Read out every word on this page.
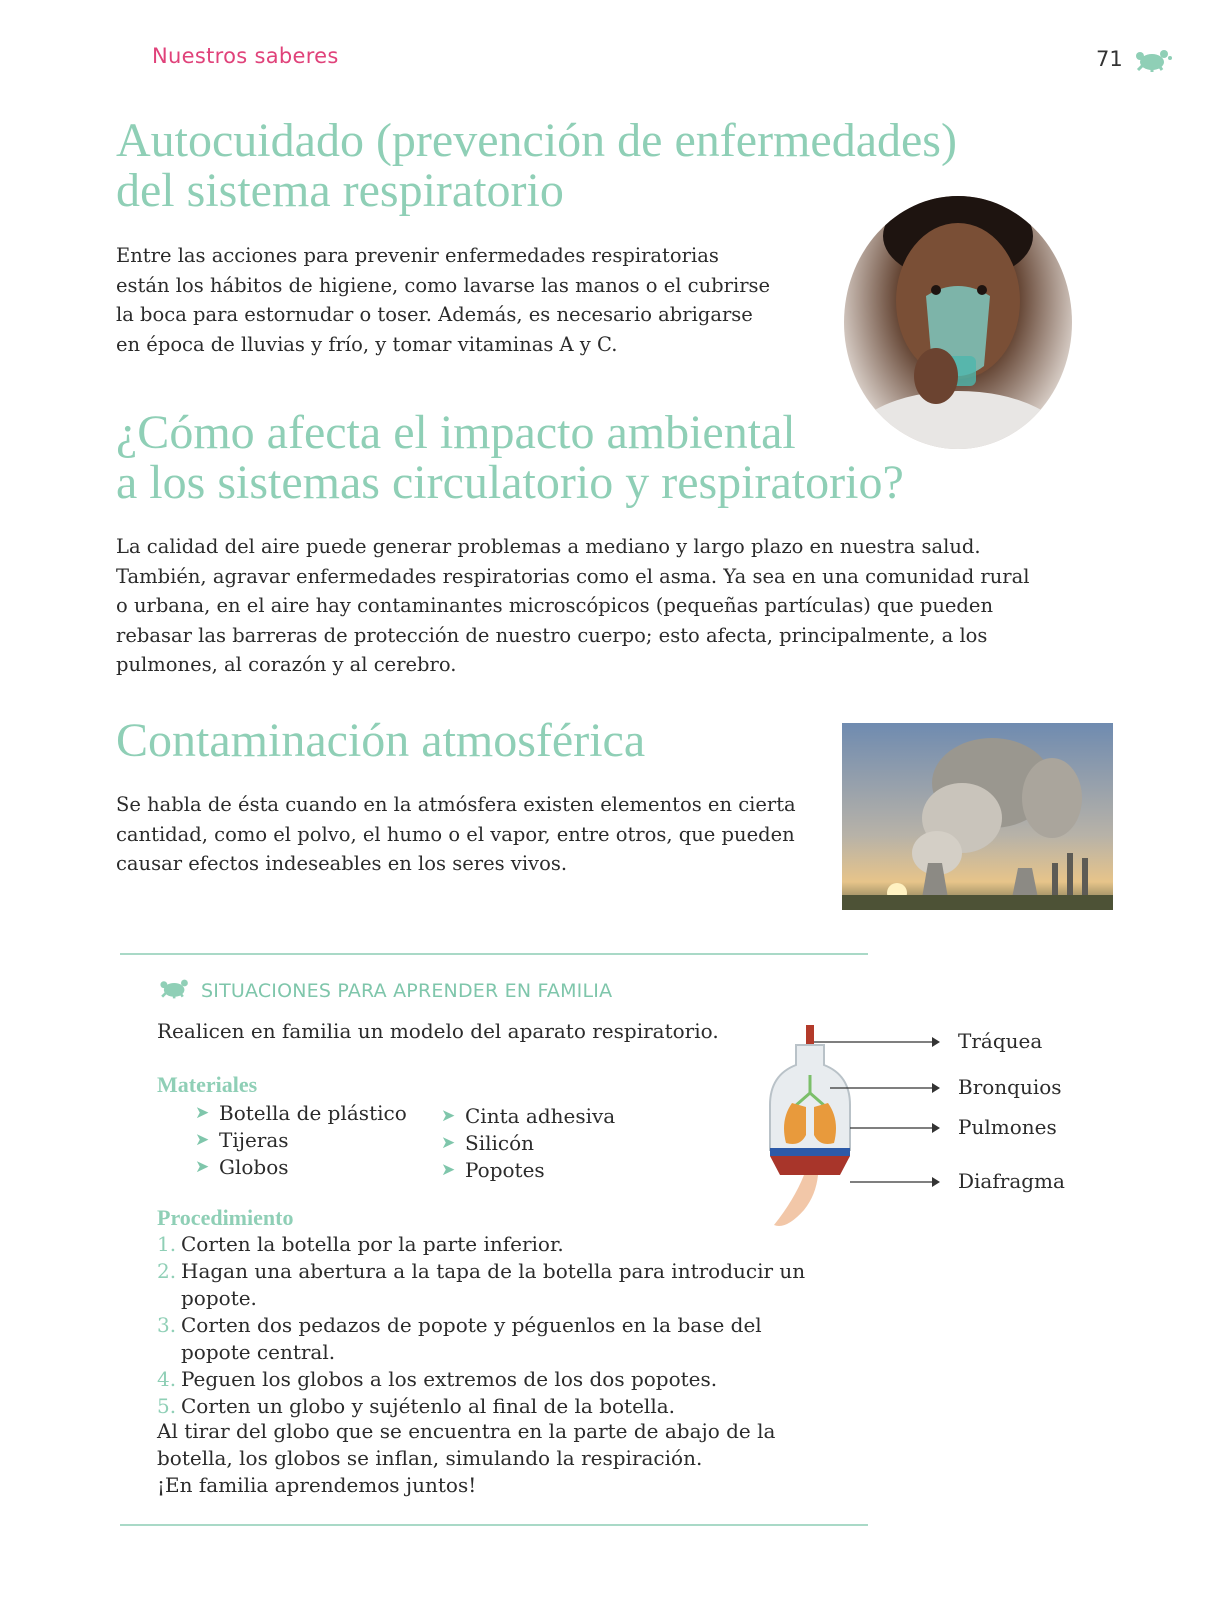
Nuestros saberes	71
Autocuidado (prevención de enfermedades)
del sistema respiratorio
Entre las acciones para prevenir enfermedades respiratorias
están los hábitos de higiene, como lavarse las manos o el cubrirse
la boca para estornudar o toser. Además, es necesario abrigarse
en época de lluvias y frío, y tomar vitaminas A y C.
¿Cómo afecta el impacto ambiental
a los sistemas circulatorio y respiratorio?
La calidad del aire puede generar problemas a mediano y largo plazo en nuestra salud.
También, agravar enfermedades respiratorias como el asma. Ya sea en una comunidad rural
o urbana, en el aire hay contaminantes microscópicos (pequeñas partículas) que pueden
rebasar las barreras de protección de nuestro cuerpo; esto afecta, principalmente, a los
pulmones, al corazón y al cerebro.
Contaminación atmosférica
Se habla de ésta cuando en la atmósfera existen elementos en cierta
cantidad, como el polvo, el humo o el vapor, entre otros, que pueden
causar efectos indeseables en los seres vivos.
SITUACIONES PARA APRENDER EN FAMILIA
Realicen en familia un modelo del aparato respiratorio.
Materiales
➤ Botella de plástico
➤ Tijeras
➤ Globos
➤ Cinta adhesiva
➤ Silicón
➤ Popotes
Procedimiento
1. Corten la botella por la parte inferior.
2. Hagan una abertura a la tapa de la botella para introducir un popote.
3. Corten dos pedazos de popote y péguenlos en la base del popote central.
4. Peguen los globos a los extremos de los dos popotes.
5. Corten un globo y sujétenlo al final de la botella.
Al tirar del globo que se encuentra en la parte de abajo de la
botella, los globos se inflan, simulando la respiración.
¡En familia aprendemos juntos!
Tráquea
Bronquios
Pulmones
Diafragma
